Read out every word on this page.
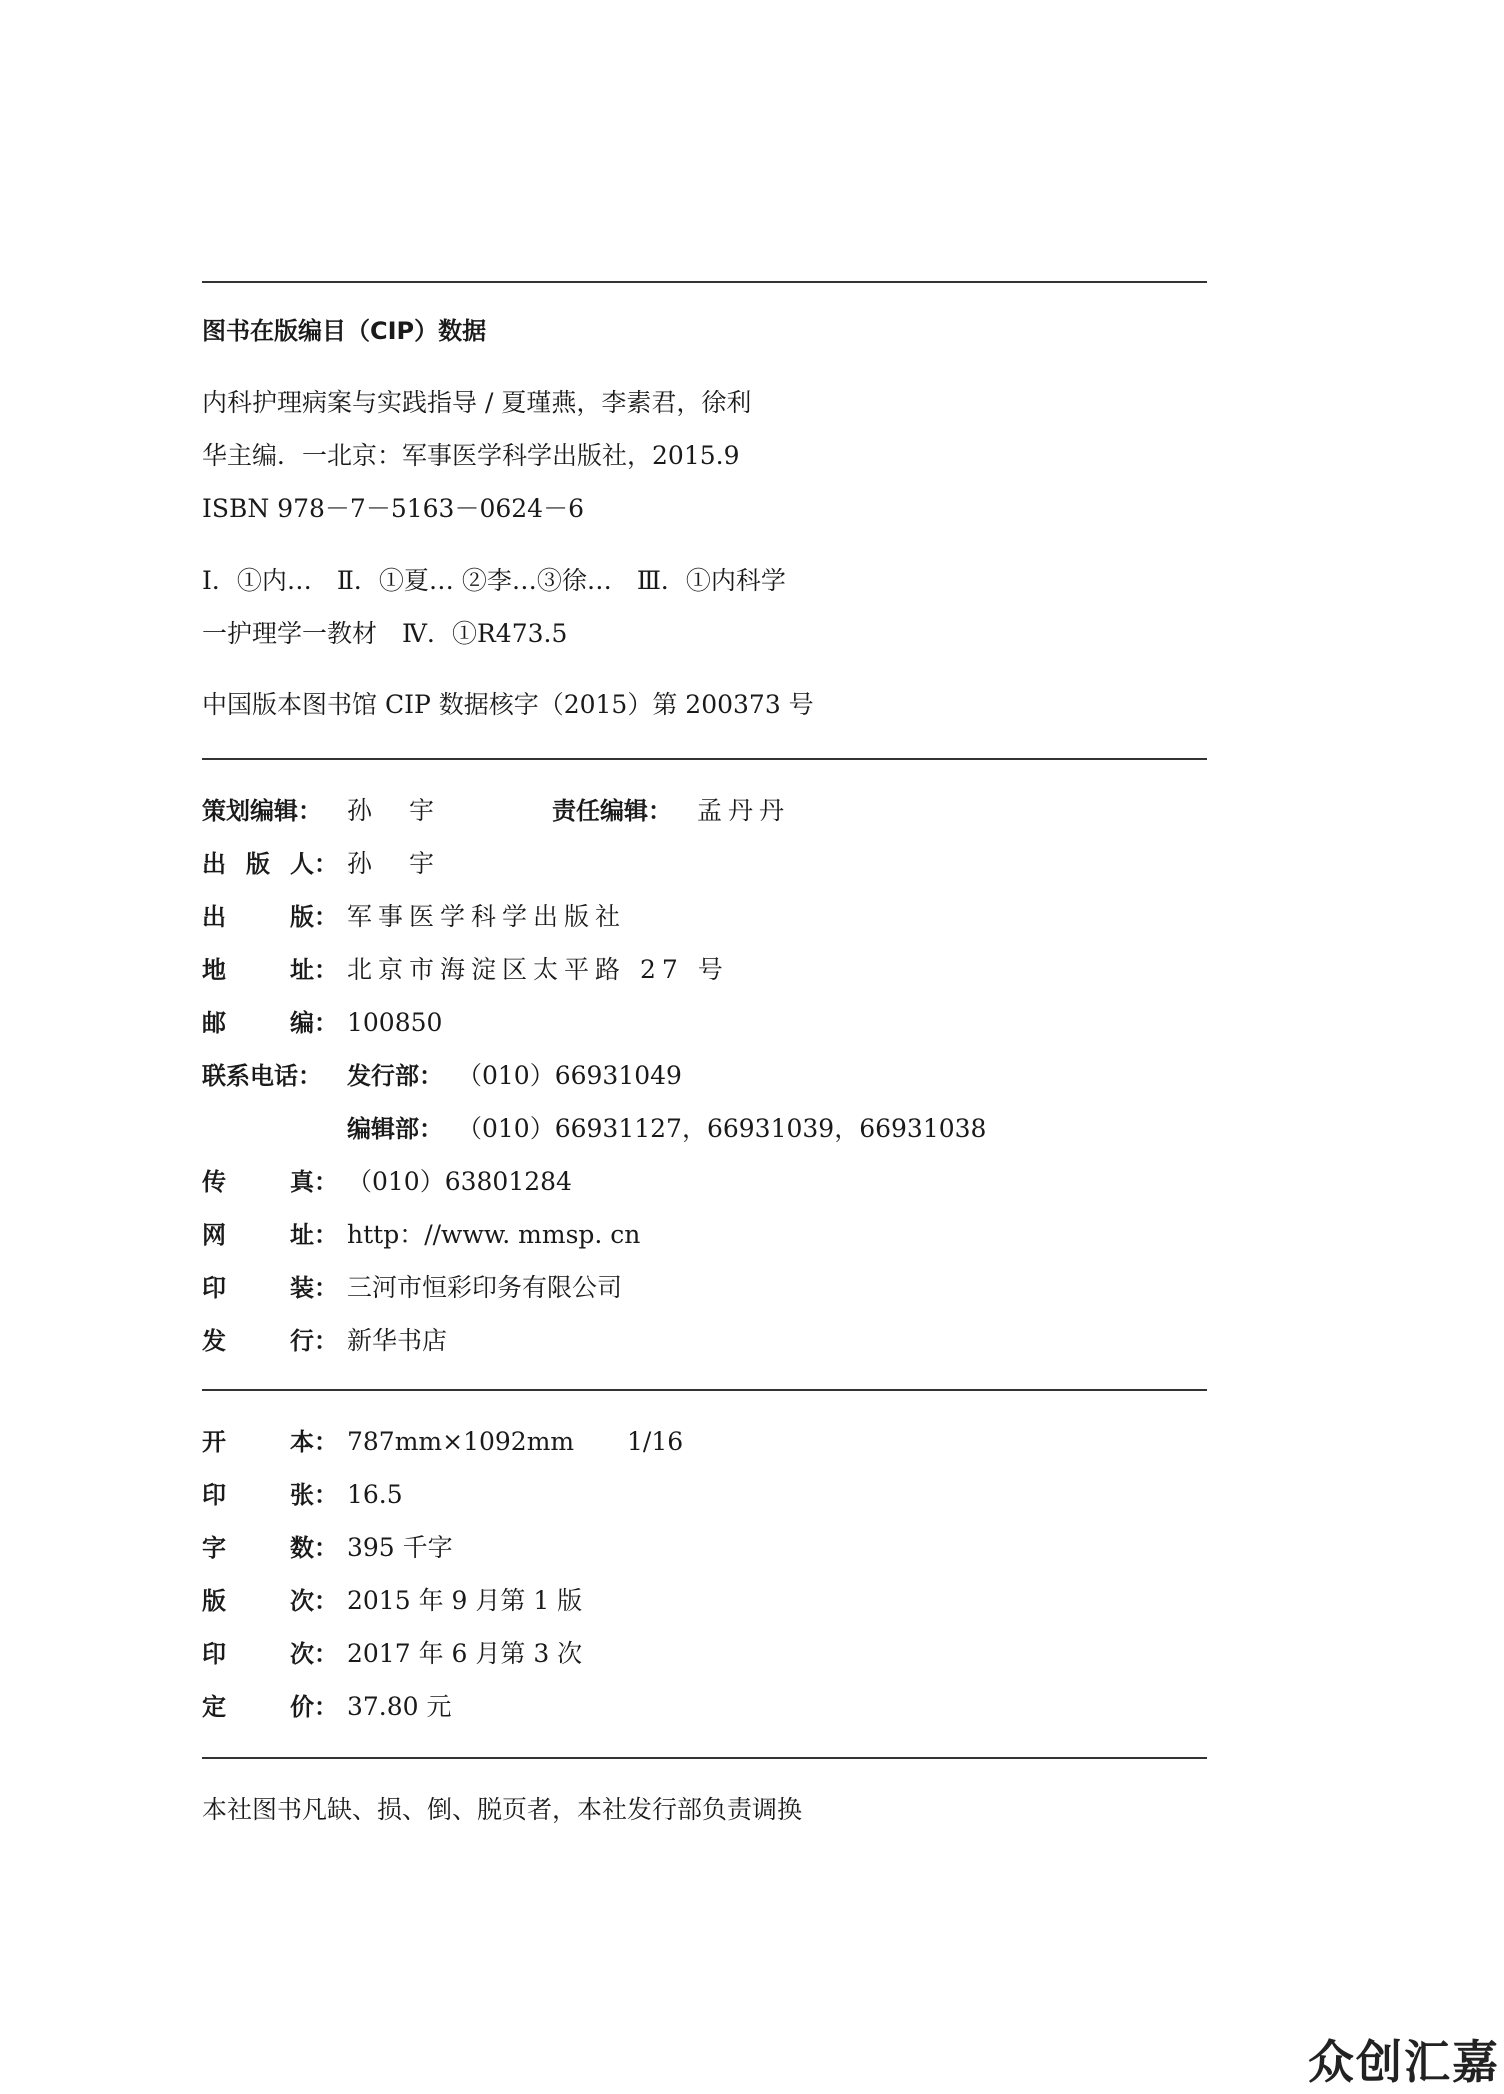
图书在版编目（CIP）数据
内科护理病案与实践指导 / 夏瑾燕，李素君，徐利
华主编．一北京：军事医学科学出版社，2015.9
ISBN 978－7－5163－0624－6
Ⅰ．①内…　Ⅱ．①夏… ②李…③徐…　Ⅲ．①内科学
一护理学一教材　Ⅳ．①R473.5
中国版本图书馆 CIP 数据核字（2015）第 200373 号
策划编辑： 孙　宇	责任编辑： 孟丹丹
出 版 人： 孙　宇
出	版： 军事医学科学出版社
地	址： 北京市海淀区太平路 27 号
邮	编： 100850
联系电话： 发行部： （010）66931049
编辑部： （010）66931127，66931039，66931038
传	真： （010）63801284
网	址： http：//www. mmsp. cn
印	装： 三河市恒彩印务有限公司
发	行： 新华书店
开	本： 787mm×1092mm 1/16
印	张： 16.5
字	数： 395 千字
版	次： 2015 年 9 月第 1 版
印	次： 2017 年 6 月第 3 次
定	价： 37.80 元
本社图书凡缺、损、倒、脱页者，本社发行部负责调换
众创汇嘉
